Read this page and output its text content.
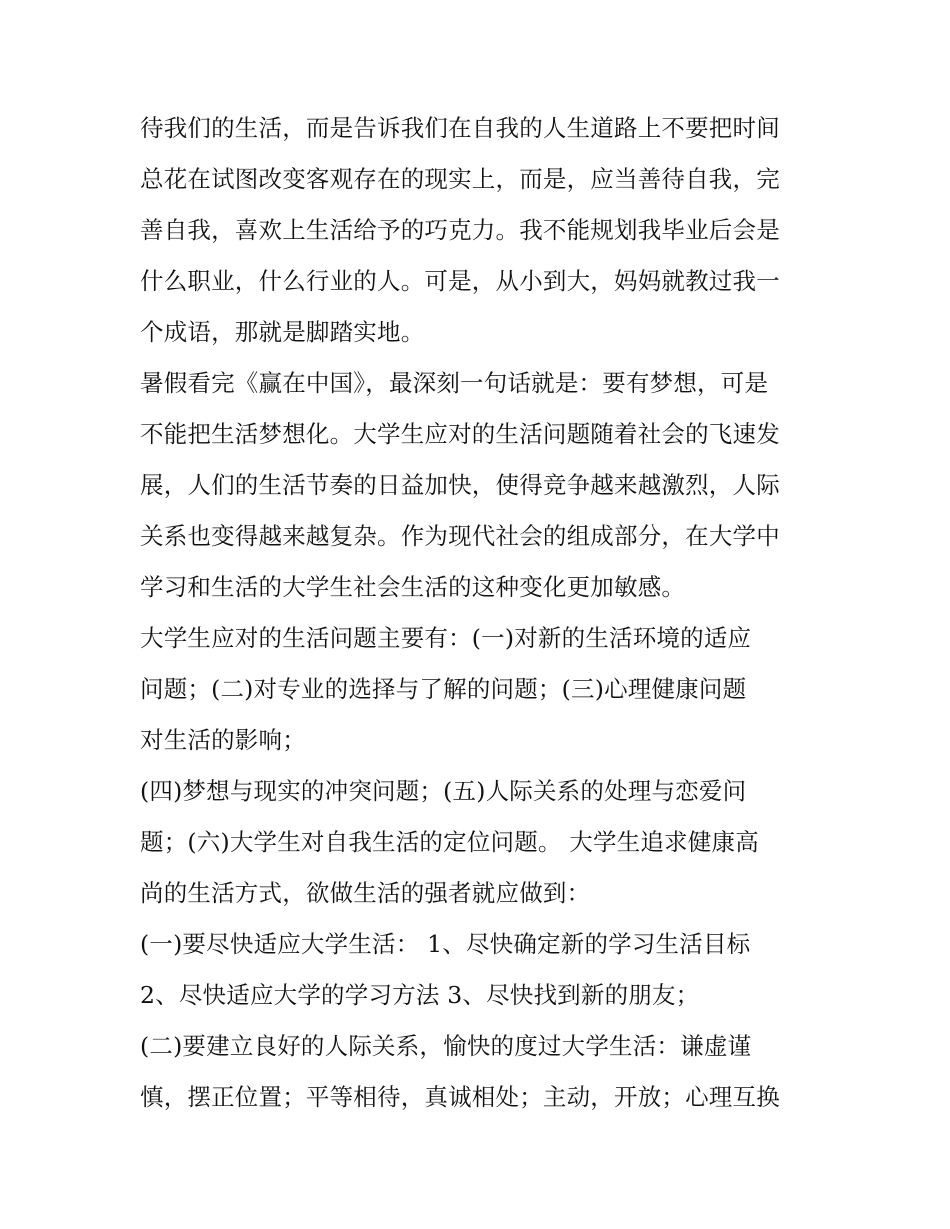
待我们的生活，而是告诉我们在自我的人生道路上不要把时间
总花在试图改变客观存在的现实上，而是，应当善待自我，完
善自我，喜欢上生活给予的巧克力。我不能规划我毕业后会是
什么职业，什么行业的人。可是，从小到大，妈妈就教过我一
个成语，那就是脚踏实地。
暑假看完《赢在中国》，最深刻一句话就是：要有梦想，可是
不能把生活梦想化。大学生应对的生活问题随着社会的飞速发
展，人们的生活节奏的日益加快，使得竞争越来越激烈，人际
关系也变得越来越复杂。作为现代社会的组成部分，在大学中
学习和生活的大学生社会生活的这种变化更加敏感。
大学生应对的生活问题主要有：(一)对新的生活环境的适应
问题；(二)对专业的选择与了解的问题；(三)心理健康问题
对生活的影响；
(四)梦想与现实的冲突问题；(五)人际关系的处理与恋爱问
题；(六)大学生对自我生活的定位问题。 大学生追求健康高
尚的生活方式，欲做生活的强者就应做到：
(一)要尽快适应大学生活： 1、尽快确定新的学习生活目标
2、尽快适应大学的学习方法 3、尽快找到新的朋友；
(二)要建立良好的人际关系，愉快的度过大学生活：谦虚谨
慎，摆正位置；平等相待，真诚相处；主动，开放；心理互换
